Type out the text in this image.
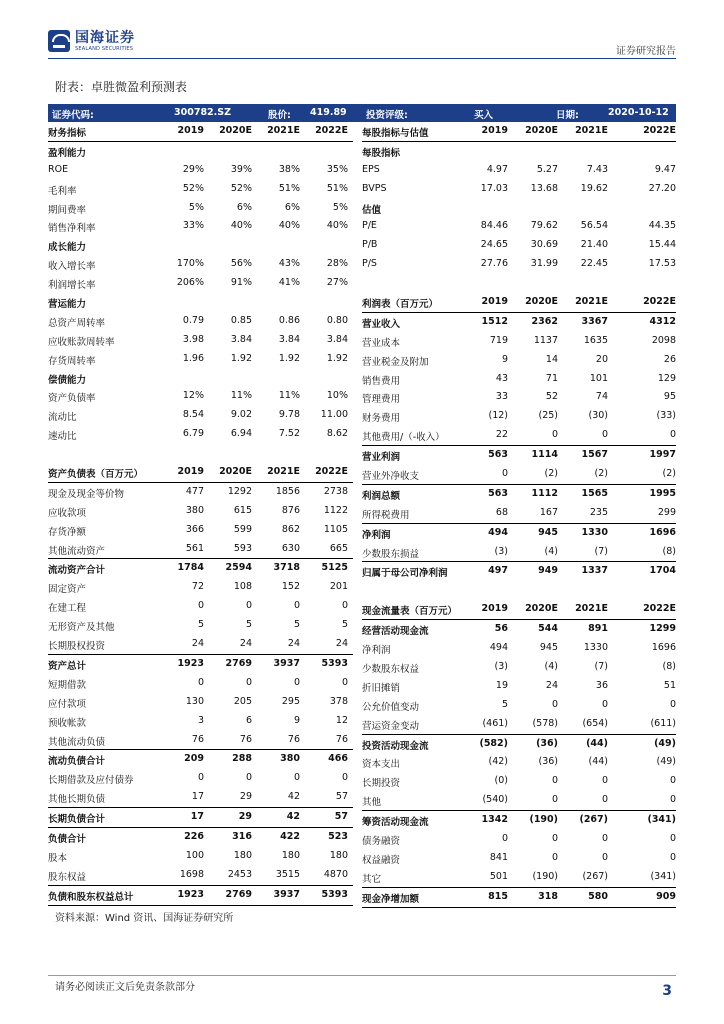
国海证券
SEALAND SECURITIES	证券研究报告
附表：卓胜微盈利预测表
证券代码:	300782.SZ	股价: 419.89 投资评级:	买入	日期:	2020-10-12
财务指标	2019	2020E	2021E	2022E
盈利能力
ROE	29%	39%	38%	35%
毛利率	52%	52%	51%	51%
期间费率	5%	6%	6%	5%
销售净利率	33%	40%	40%	40%
成长能力
收入增长率	170%	56%	43%	28%
利润增长率	206%	91%	41%	27%
营运能力
总资产周转率	0.79	0.85	0.86	0.80
应收账款周转率	3.98	3.84	3.84	3.84
存货周转率	1.96	1.92	1.92	1.92
偿债能力
资产负债率	12%	11%	11%	10%
流动比	8.54	9.02	9.78	11.00
速动比	6.79	6.94	7.52	8.62
资产负债表（百万元）	2019	2020E	2021E	2022E
现金及现金等价物	477	1292	1856	2738
应收款项	380	615	876	1122
存货净额	366	599	862	1105
其他流动资产	561	593	630	665
流动资产合计	1784	2594	3718	5125
固定资产	72	108	152	201
在建工程	0	0	0	0
无形资产及其他	5	5	5	5
长期股权投资	24	24	24	24
资产总计	1923	2769	3937	5393
短期借款	0	0	0	0
应付款项	130	205	295	378
预收帐款	3	6	9	12
其他流动负债	76	76	76	76
流动负债合计	209	288	380	466
长期借款及应付债券	0	0	0	0
其他长期负债	17	29	42	57
长期负债合计	17	29	42	57
负债合计	226	316	422	523
股本	100	180	180	180
股东权益	1698	2453	3515	4870
负债和股东权益总计	1923	2769	3937	5393
每股指标与估值	2019	2020E	2021E	2022E
每股指标
EPS	4.97	5.27	7.43	9.47
BVPS	17.03	13.68	19.62	27.20
估值
P/E	84.46	79.62	56.54	44.35
P/B	24.65	30.69	21.40	15.44
P/S	27.76	31.99	22.45	17.53
利润表（百万元）	2019	2020E	2021E	2022E
营业收入	1512	2362	3367	4312
营业成本	719	1137	1635	2098
营业税金及附加	9	14	20	26
销售费用	43	71	101	129
管理费用	33	52	74	95
财务费用	(12)	(25)	(30)	(33)
其他费用/（-收入）	22	0	0	0
营业利润	563	1114	1567	1997
营业外净收支	0	(2)	(2)	(2)
利润总额	563	1112	1565	1995
所得税费用	68	167	235	299
净利润	494	945	1330	1696
少数股东损益	(3)	(4)	(7)	(8)
归属于母公司净利润	497	949	1337	1704
现金流量表（百万元）	2019	2020E	2021E	2022E
经营活动现金流	56	544	891	1299
净利润	494	945	1330	1696
少数股东权益	(3)	(4)	(7)	(8)
折旧摊销	19	24	36	51
公允价值变动	5	0	0	0
营运资金变动	(461)	(578)	(654)	(611)
投资活动现金流	(582)	(36)	(44)	(49)
资本支出	(42)	(36)	(44)	(49)
长期投资	(0)	0	0	0
其他	(540)	0	0	0
筹资活动现金流	1342	(190)	(267)	(341)
债务融资	0	0	0	0
权益融资	841	0	0	0
其它	501	(190)	(267)	(341)
现金净增加额	815	318	580	909
资料来源：Wind 资讯、国海证券研究所
请务必阅读正文后免责条款部分	3
